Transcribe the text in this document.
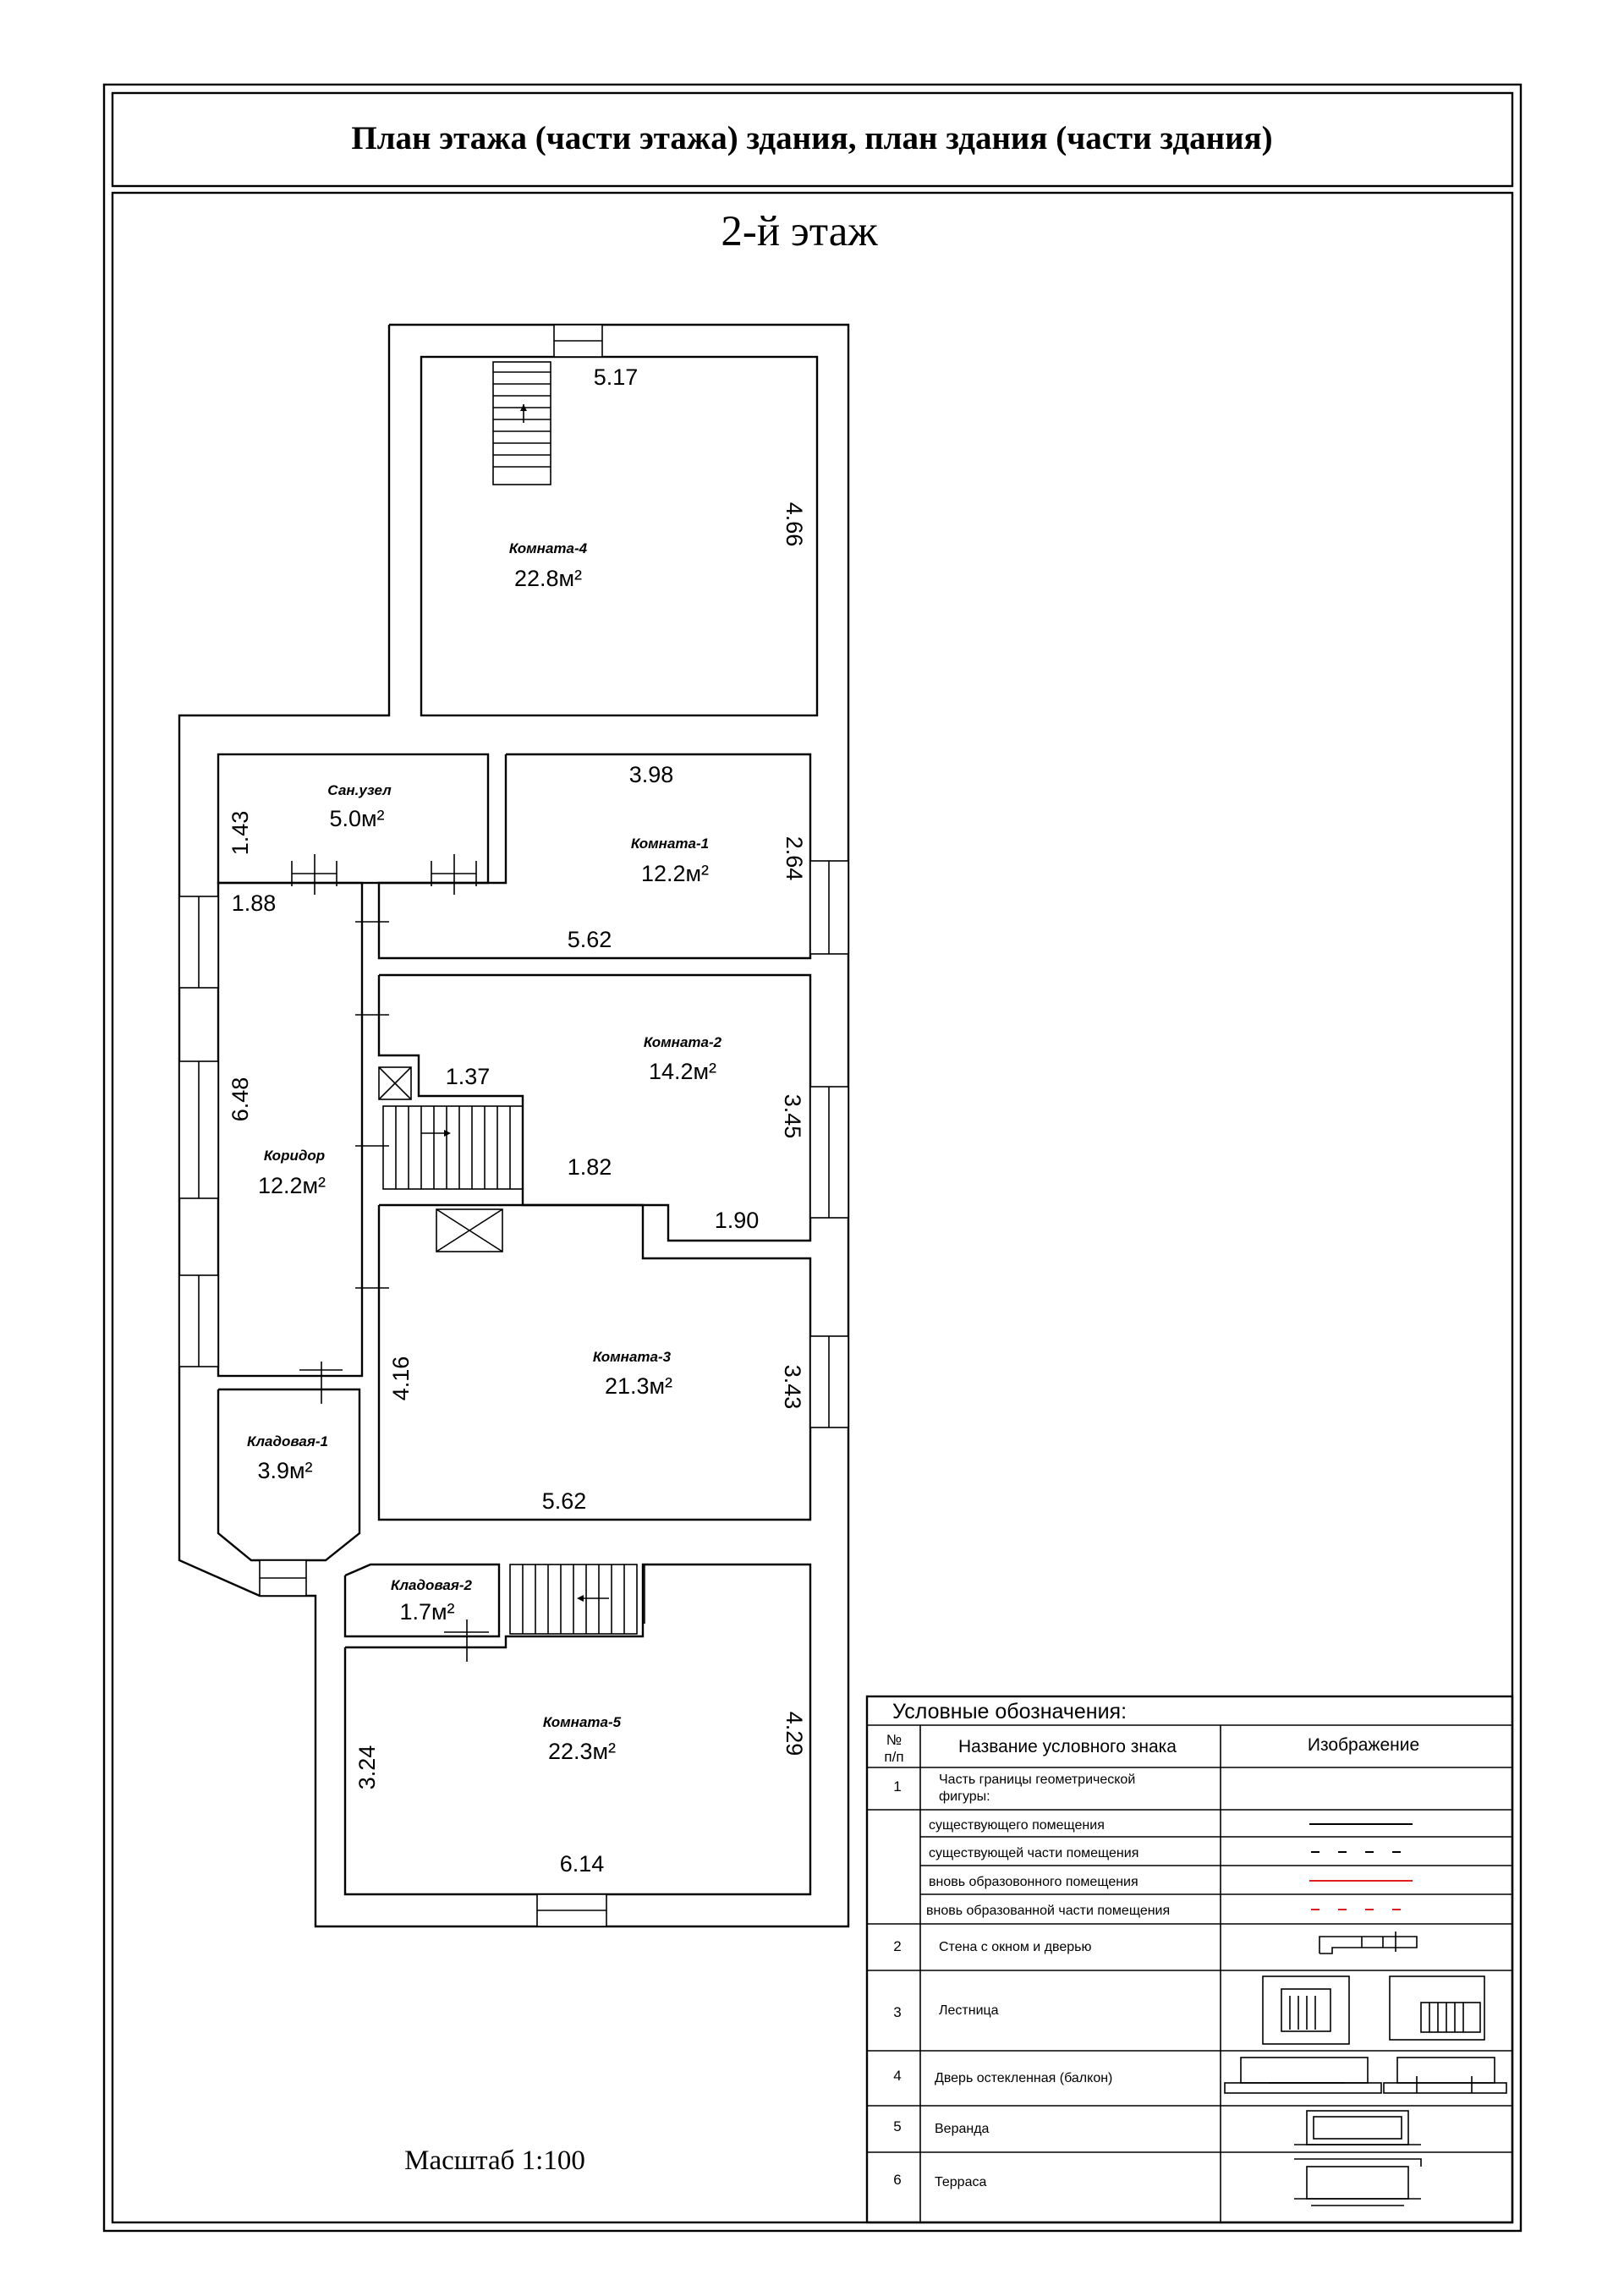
План этажа (части этажа) здания, план здания (части здания)
2-й этаж
Масштаб 1:100
Комната-4
22.8м²
5.17
4.66
Сан.узел
5.0м²
1.43	Комната-1
12.2м²
3.98
2.64
5.62
Коридор
12.2м²
1.88
6.48
Комната-2
14.2м²
1.37
3.45
1.82
1.90
Комната-3
21.3м²
4.16	3.43
5.62
Кладовая-1
3.9м²
Кладовая-2
1.7м²
Комната-5
22.3м²
3.24
4.29
6.14
Условные обозначения:
№
п/п
Название условного знака	Изображение
1	Часть границы геометрической
фигуры:
существующего помещения
существующей части помещения
вновь образовонного помещения
вновь образованной части помещения
2	Стена с окном и дверью
3	Лестница
4 Дверь остекленная (балкон)
5 Веранда
6 Терраса
